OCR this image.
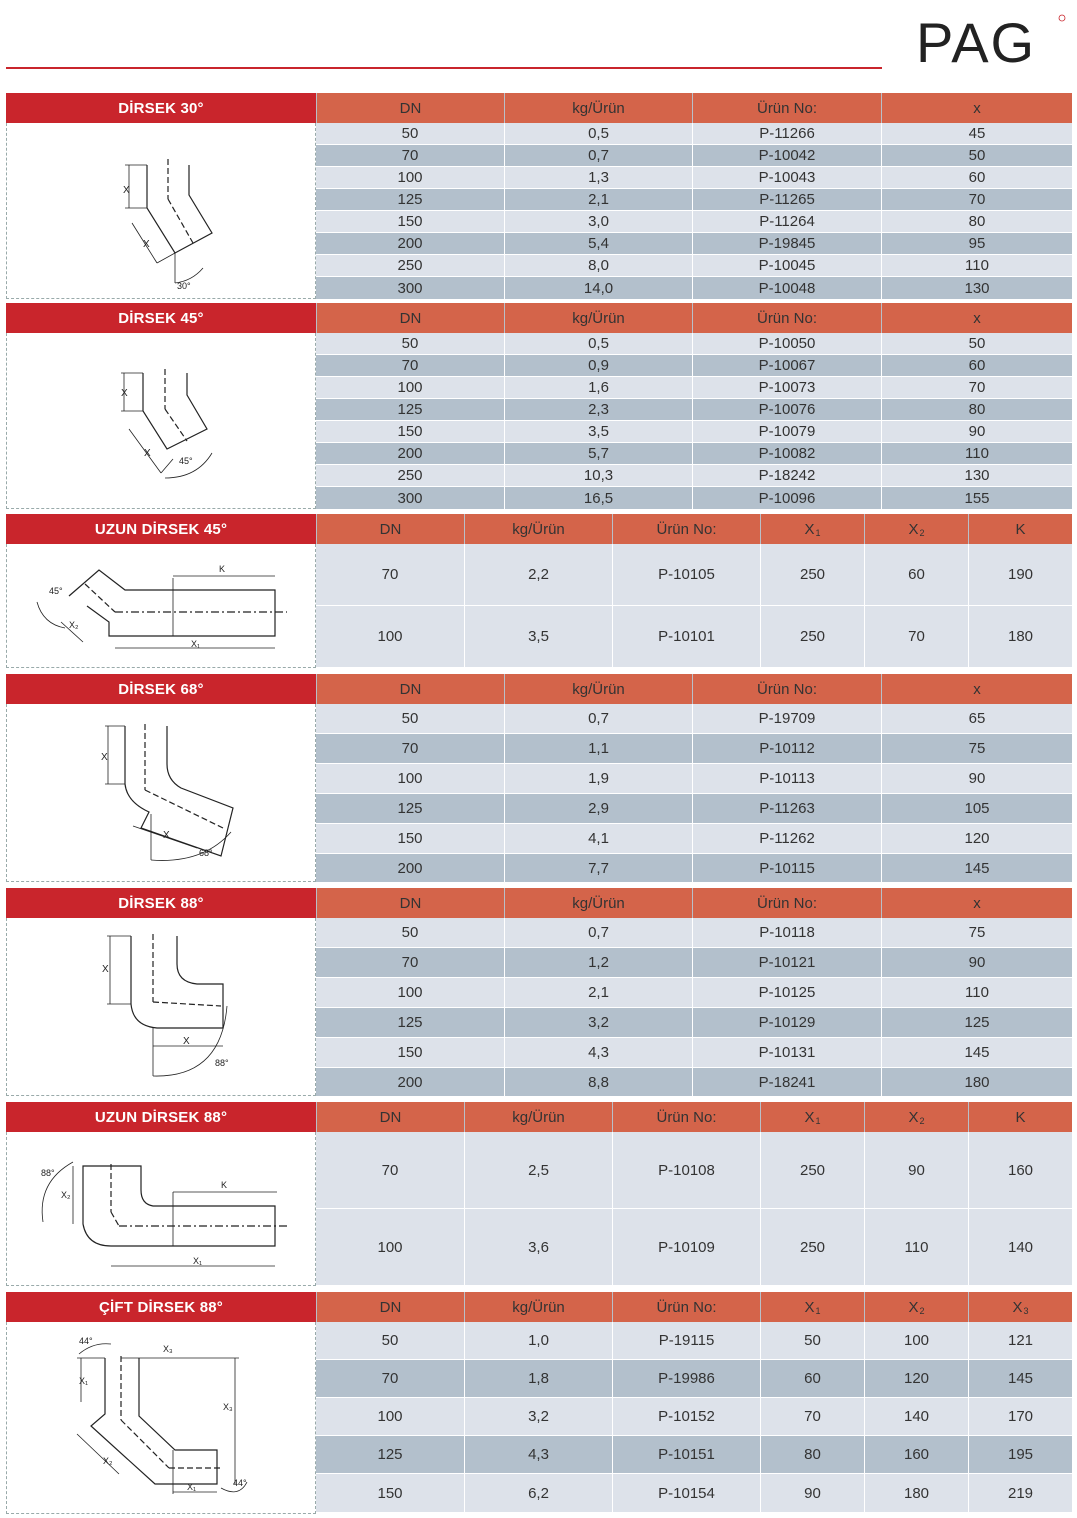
PAG
DİRSEK 30°	DN	kg/Ürün	Ürün No:	x
X
X
30°
50	0,5	P-11266	45
70	0,7	P-10042	50
100	1,3	P-10043	60
125	2,1	P-11265	70
150	3,0	P-11264	80
200	5,4	P-19845	95
250	8,0	P-10045	110
300	14,0	P-10048	130
DİRSEK 45°	DN	kg/Ürün	Ürün No:	x
X
X
45°
50	0,5	P-10050	50
70	0,9	P-10067	60
100	1,6	P-10073	70
125	2,3	P-10076	80
150	3,5	P-10079	90
200	5,7	P-10082	110
250	10,3	P-18242	130
300	16,5	P-10096	155
UZUN DİRSEK 45°	DN	kg/Ürün	Ürün No:	$X_1$	$X_2$	K
45°
K
X₁
X₂
70	2,2	P-10105	250	60	190
100	3,5	P-10101	250	70	180
DİRSEK 68°	DN	kg/Ürün	Ürün No:	x
X
X
68°
50	0,7	P-19709	65
70	1,1	P-10112	75
100	1,9	P-10113	90
125	2,9	P-11263	105
150	4,1	P-11262	120
200	7,7	P-10115	145
DİRSEK 88°	DN	kg/Ürün	Ürün No:	x
X
X
88°
50	0,7	P-10118	75
70	1,2	P-10121	90
100	2,1	P-10125	110
125	3,2	P-10129	125
150	4,3	P-10131	145
200	8,8	P-18241	180
UZUN DİRSEK 88°	DN	kg/Ürün	Ürün No:	$X_1$	$X_2$	K
88°
K
X₁
X₂
70	2,5	P-10108	250	90	160
100	3,6	P-10109	250	110	140
ÇİFT DİRSEK 88°	DN	kg/Ürün	Ürün No:	$X_1$	$X_2$	$X_3$
44°
X₃
X₁
X₃
X₂
X₁	44°
50	1,0	P-19115	50	100	121
70	1,8	P-19986	60	120	145
100	3,2	P-10152	70	140	170
125	4,3	P-10151	80	160	195
150	6,2	P-10154	90	180	219
